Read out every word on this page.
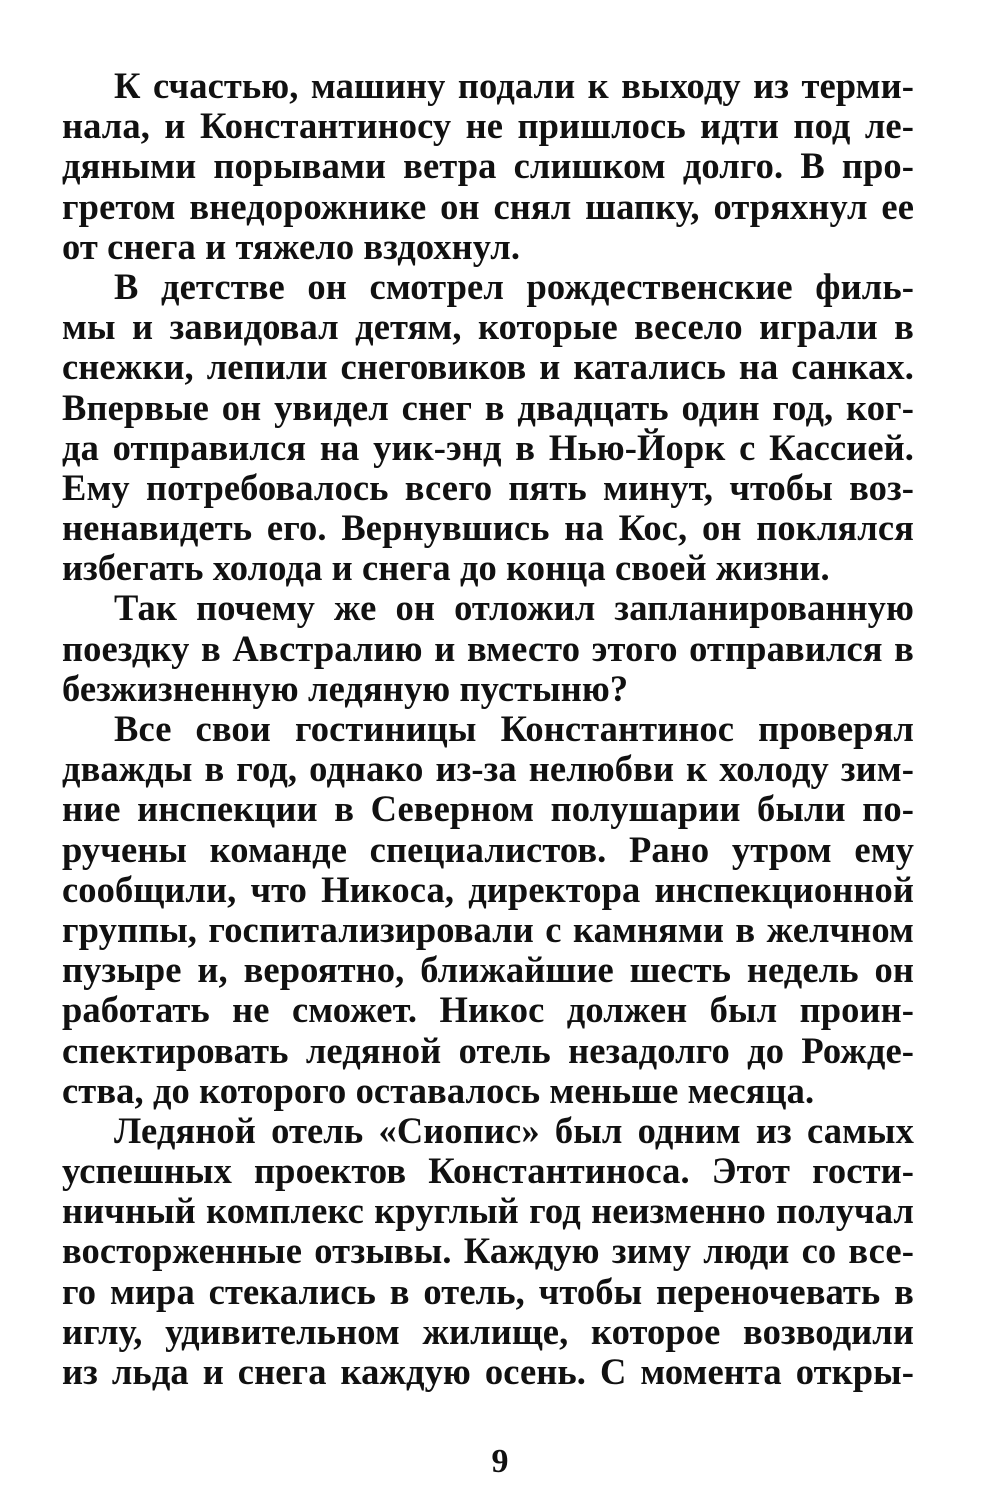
К счастью, машину подали к выходу из терми-
нала, и Константиносу не пришлось идти под ле-
дяными порывами ветра слишком долго. В про-
гретом внедорожнике он снял шапку, отряхнул ее
от снега и тяжело вздохнул.
В детстве он смотрел рождественские филь-
мы и завидовал детям, которые весело играли в
снежки, лепили снеговиков и катались на санках.
Впервые он увидел снег в двадцать один год, ког-
да отправился на уик-энд в Нью-Йорк с Кассией.
Ему потребовалось всего пять минут, чтобы воз-
ненавидеть его. Вернувшись на Кос, он поклялся
избегать холода и снега до конца своей жизни.
Так почему же он отложил запланированную
поездку в Австралию и вместо этого отправился в
безжизненную ледяную пустыню?
Все свои гостиницы Константинос проверял
дважды в год, однако из-за нелюбви к холоду зим-
ние инспекции в Северном полушарии были по-
ручены команде специалистов. Рано утром ему
сообщили, что Никоса, директора инспекционной
группы, госпитализировали с камнями в желчном
пузыре и, вероятно, ближайшие шесть недель он
работать не сможет. Никос должен был проин-
спектировать ледяной отель незадолго до Рожде-
ства, до которого оставалось меньше месяца.
Ледяной отель «Сиопис» был одним из самых
успешных проектов Константиноса. Этот гости-
ничный комплекс круглый год неизменно получал
восторженные отзывы. Каждую зиму люди со все-
го мира стекались в отель, чтобы переночевать в
иглу, удивительном жилище, которое возводили
из льда и снега каждую осень. С момента откры-
9
